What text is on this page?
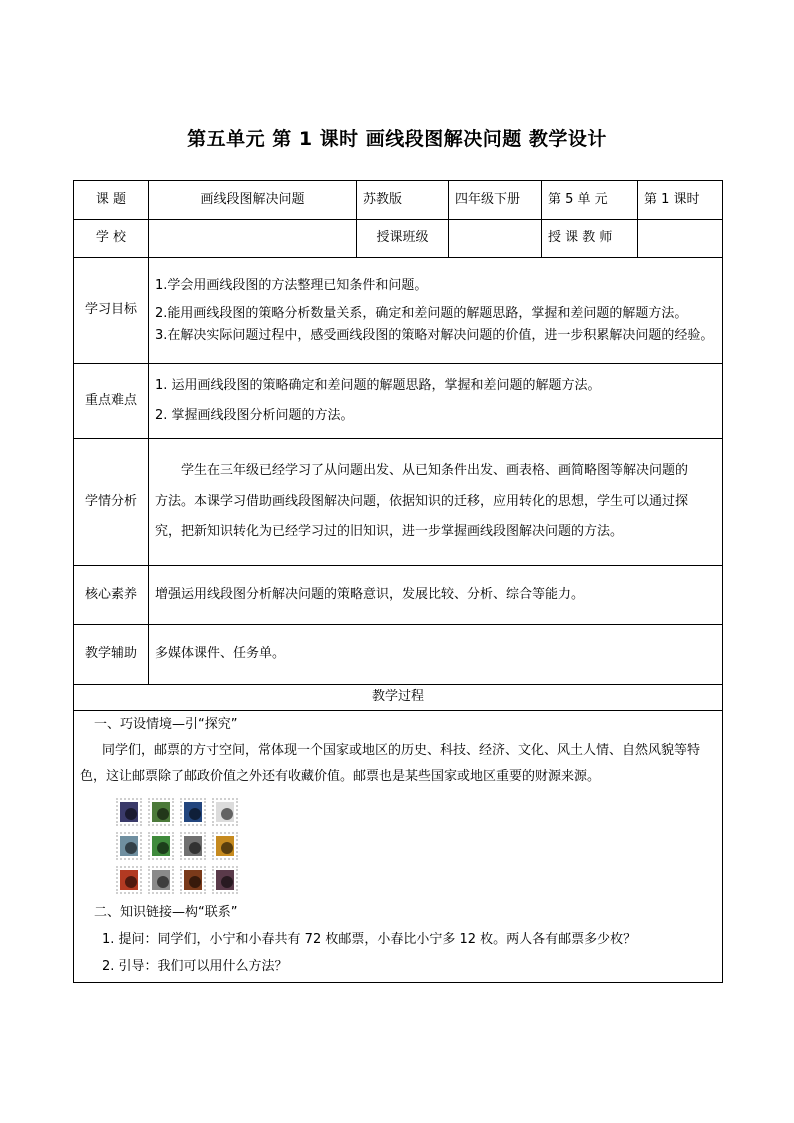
第五单元 第 1 课时 画线段图解决问题 教学设计
课 题	画线段图解决问题	苏教版	四年级下册	第 5 单 元	第 1 课时
学 校		授课班级		授 课 教 师	
学习目标	1.学会用画线段图的方法整理已知条件和问题。

2.能用画线段图的策略分析数量关系，确定和差问题的解题思路，掌握和差问题的解题方法。

3.在解决实际问题过程中，感受画线段图的策略对解决问题的价值，进一步积累解决问题的经验。				

重点难点	1. 运用画线段图的策略确定和差问题的解题思路，掌握和差问题的解题方法。

2. 掌握画线段图分析问题的方法。				

学情分析	学生在三年级已经学习了从问题出发、从已知条件出发、画表格、画简略图等解决问题的方法。本课学习借助画线段图解决问题，依据知识的迁移，应用转化的思想，学生可以通过探究，把新知识转化为已经学习过的旧知识，进一步掌握画线段图解决问题的方法。				

核心素养	增强运用线段图分析解决问题的策略意识，发展比较、分析、综合等能力。				
教学辅助	多媒体课件、任务单。				
教学过程					

一、巧设情境—引“探究”

同学们，邮票的方寸空间，常体现一个国家或地区的历史、科技、经济、文化、风土人情、自然风貌等特色，这让邮票除了邮政价值之外还有收藏价值。邮票也是某些国家或地区重要的财源来源。

二、知识链接—构“联系”

1. 提问：同学们，小宁和小春共有 72 枚邮票，小春比小宁多 12 枚。两人各有邮票多少枚？

2. 引导：我们可以用什么方法？					
